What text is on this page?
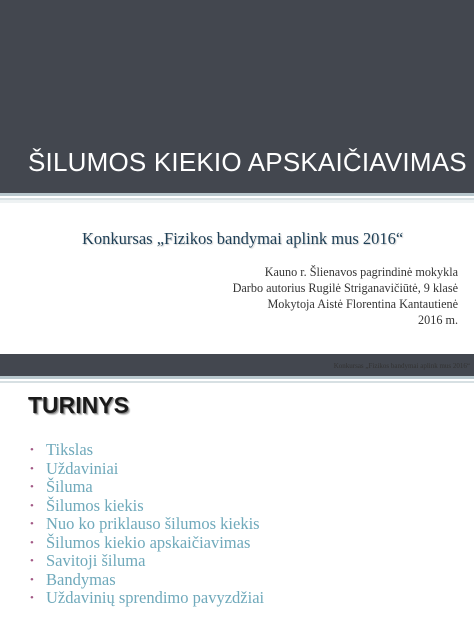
ŠILUMOS KIEKIO APSKAIČIAVIMAS
Konkursas „Fizikos bandymai aplink mus 2016“
Kauno r. Šlienavos pagrindinė mokykla
Darbo autorius Rugilė Striganavičiūtė, 9 klasė
Mokytoja Aistė Florentina Kantautienė
2016 m.
Konkursas „Fizikos bandymai aplink mus 2016“
TURINYS
• Tikslas
• Uždaviniai
• Šiluma
• Šilumos kiekis
• Nuo ko priklauso šilumos kiekis
• Šilumos kiekio apskaičiavimas
• Savitoji šiluma
• Bandymas
• Uždavinių sprendimo pavyzdžiai
